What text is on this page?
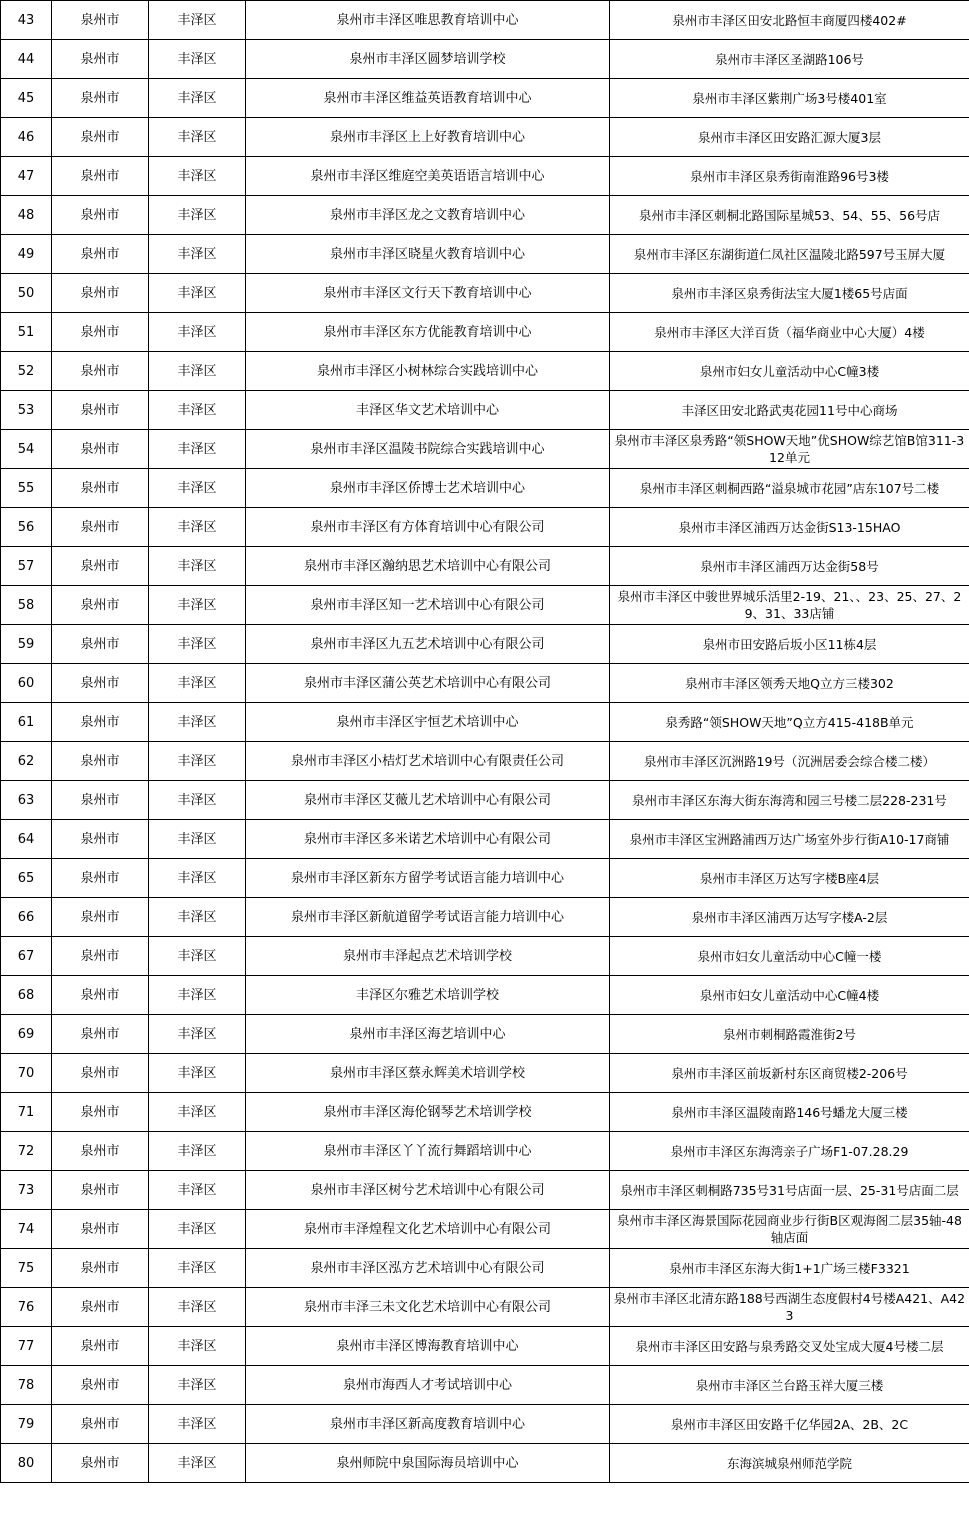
43	泉州市	丰泽区	泉州市丰泽区唯思教育培训中心	泉州市丰泽区田安北路恒丰商厦四楼402#
44	泉州市	丰泽区	泉州市丰泽区圆梦培训学校	泉州市丰泽区圣湖路106号
45	泉州市	丰泽区	泉州市丰泽区维益英语教育培训中心	泉州市丰泽区紫荆广场3号楼401室
46	泉州市	丰泽区	泉州市丰泽区上上好教育培训中心	泉州市丰泽区田安路汇源大厦3层
47	泉州市	丰泽区	泉州市丰泽区维庭空美英语语言培训中心	泉州市丰泽区泉秀街南淮路96号3楼
48	泉州市	丰泽区	泉州市丰泽区龙之文教育培训中心	泉州市丰泽区刺桐北路国际星城53、54、55、56号店
49	泉州市	丰泽区	泉州市丰泽区晓星火教育培训中心	泉州市丰泽区东湖街道仁凤社区温陵北路597号玉屏大厦
50	泉州市	丰泽区	泉州市丰泽区文行天下教育培训中心	泉州市丰泽区泉秀街法宝大厦1楼65号店面
51	泉州市	丰泽区	泉州市丰泽区东方优能教育培训中心	泉州市丰泽区大洋百货（福华商业中心大厦）4楼
52	泉州市	丰泽区	泉州市丰泽区小树林综合实践培训中心	泉州市妇女儿童活动中心C幢3楼
53	泉州市	丰泽区	丰泽区华文艺术培训中心	丰泽区田安北路武夷花园11号中心商场
54	泉州市	丰泽区	泉州市丰泽区温陵书院综合实践培训中心	泉州市丰泽区泉秀路“领SHOW天地”优SHOW综艺馆B馆311-312单元
55	泉州市	丰泽区	泉州市丰泽区侨博士艺术培训中心	泉州市丰泽区刺桐西路“溢泉城市花园”店东107号二楼
56	泉州市	丰泽区	泉州市丰泽区有方体育培训中心有限公司	泉州市丰泽区浦西万达金街S13-15HAO
57	泉州市	丰泽区	泉州市丰泽区瀚纳思艺术培训中心有限公司	泉州市丰泽区浦西万达金街58号
58	泉州市	丰泽区	泉州市丰泽区知一艺术培训中心有限公司	泉州市丰泽区中骏世界城乐活里2-19、21、、23、25、27、29、31、33店铺
59	泉州市	丰泽区	泉州市丰泽区九五艺术培训中心有限公司	泉州市田安路后坂小区11栋4层
60	泉州市	丰泽区	泉州市丰泽区蒲公英艺术培训中心有限公司	泉州市丰泽区领秀天地Q立方三楼302
61	泉州市	丰泽区	泉州市丰泽区宇恒艺术培训中心	泉秀路“领SHOW天地”Q立方415-418B单元
62	泉州市	丰泽区	泉州市丰泽区小桔灯艺术培训中心有限责任公司	泉州市丰泽区沉洲路19号（沉洲居委会综合楼二楼）
63	泉州市	丰泽区	泉州市丰泽区艾薇儿艺术培训中心有限公司	泉州市丰泽区东海大街东海湾和园三号楼二层228-231号
64	泉州市	丰泽区	泉州市丰泽区多米诺艺术培训中心有限公司	泉州市丰泽区宝洲路浦西万达广场室外步行街A10-17商铺
65	泉州市	丰泽区	泉州市丰泽区新东方留学考试语言能力培训中心	泉州市丰泽区万达写字楼B座4层
66	泉州市	丰泽区	泉州市丰泽区新航道留学考试语言能力培训中心	泉州市丰泽区浦西万达写字楼A-2层
67	泉州市	丰泽区	泉州市丰泽起点艺术培训学校	泉州市妇女儿童活动中心C幢一楼
68	泉州市	丰泽区	丰泽区尔雅艺术培训学校	泉州市妇女儿童活动中心C幢4楼
69	泉州市	丰泽区	泉州市丰泽区海艺培训中心	泉州市刺桐路霞淮街2号
70	泉州市	丰泽区	泉州市丰泽区蔡永辉美术培训学校	泉州市丰泽区前坂新村东区商贸楼2-206号
71	泉州市	丰泽区	泉州市丰泽区海伦钢琴艺术培训学校	泉州市丰泽区温陵南路146号蟠龙大厦三楼
72	泉州市	丰泽区	泉州市丰泽区丫丫流行舞蹈培训中心	泉州市丰泽区东海湾亲子广场F1-07.28.29
73	泉州市	丰泽区	泉州市丰泽区树兮艺术培训中心有限公司	泉州市丰泽区刺桐路735号31号店面一层、25-31号店面二层
74	泉州市	丰泽区	泉州市丰泽煌程文化艺术培训中心有限公司	泉州市丰泽区海景国际花园商业步行街B区观海阁二层35轴-48轴店面
75	泉州市	丰泽区	泉州市丰泽区泓方艺术培训中心有限公司	泉州市丰泽区东海大街1+1广场三楼F3321
76	泉州市	丰泽区	泉州市丰泽三未文化艺术培训中心有限公司	泉州市丰泽区北清东路188号西湖生态度假村4号楼A421、A423
77	泉州市	丰泽区	泉州市丰泽区博海教育培训中心	泉州市丰泽区田安路与泉秀路交叉处宝成大厦4号楼二层
78	泉州市	丰泽区	泉州市海西人才考试培训中心	泉州市丰泽区兰台路玉祥大厦三楼
79	泉州市	丰泽区	泉州市丰泽区新高度教育培训中心	泉州市丰泽区田安路千亿华园2A、2B、2C
80	泉州市	丰泽区	泉州师院中泉国际海员培训中心	东海滨城泉州师范学院
